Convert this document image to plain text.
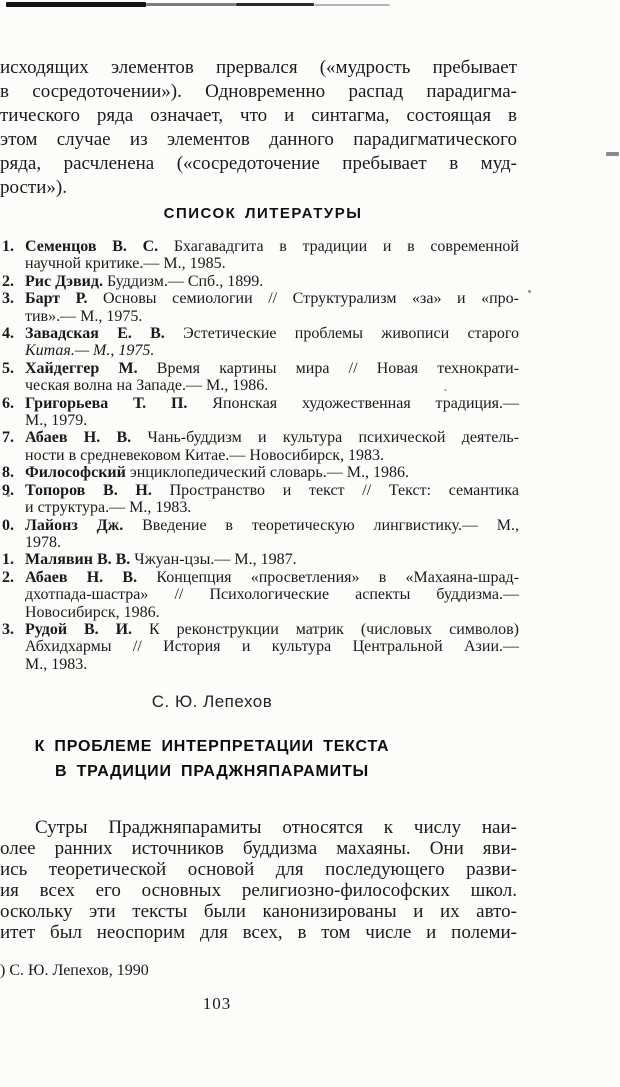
исходящих элементов прервался («мудрость пребывает
в сосредоточении»). Одновременно распад парадигма-
тического ряда означает, что и синтагма, состоящая в
этом случае из элементов данного парадигматического
ряда, расчленена («сосредоточение пребывает в муд-
рости»).
СПИСОК ЛИТЕРАТУРЫ
1. Семенцов В. С. Бхагавадгита в традиции и в современной
научной критике.— М., 1985.
2. Рис Дэвид. Буддизм.— Спб., 1899.
3. Барт Р. Основы семиологии // Структурализм «за» и «про-
тив».— М., 1975.
4. Завадская Е. В. Эстетические проблемы живописи старого
Китая.— М., 1975.
5. Хайдеггер М. Время картины мира // Новая технократи-
ческая волна на Западе.— М., 1986.
6. Григорьева Т. П. Японская художественная традиция.—
М., 1979.
7. Абаев Н. В. Чань-буддизм и культура психической деятель-
ности в средневековом Китае.— Новосибирск, 1983.
8. Философский энциклопедический словарь.— М., 1986.
9. Топоров В. Н. Пространство и текст // Текст: семантика
и структура.— М., 1983.
0. Лайонз Дж. Введение в теоретическую лингвистику.— М.,
1978.
1. Малявин В. В. Чжуан-цзы.— М., 1987.
2. Абаев Н. В. Концепция «просветления» в «Махаяна-шрад-
дхотпада-шастра» // Психологические аспекты буддизма.—
Новосибирск, 1986.
3. Рудой В. И. К реконструкции матрик (числовых символов)
Абхидхармы // История и культура Центральной Азии.—
М., 1983.
С. Ю. Лепехов
К ПРОБЛЕМЕ ИНТЕРПРЕТАЦИИ ТЕКСТА
В ТРАДИЦИИ ПРАДЖНЯПАРАМИТЫ
Сутры Праджняпарамиты относятся к числу наи-
олее ранних источников буддизма махаяны. Они яви-
ись теоретической основой для последующего разви-
ия всех его основных религиозно-философских школ.
оскольку эти тексты были канонизированы и их авто-
итет был неоспорим для всех, в том числе и полеми-
) С. Ю. Лепехов, 1990
103
